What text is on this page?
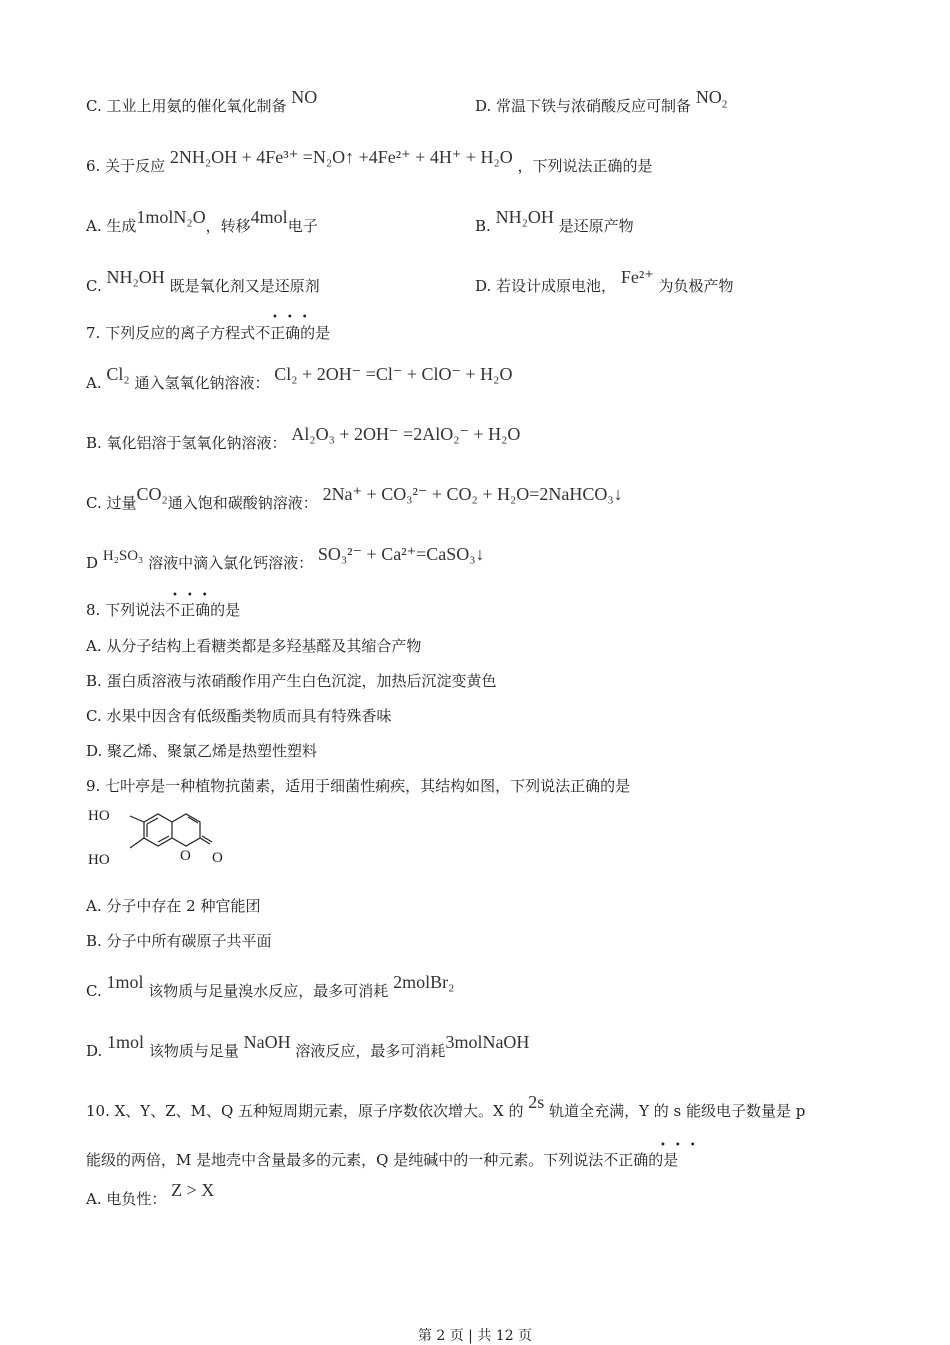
C. 工业上用氨的催化氧化制备 NO	D. 常温下铁与浓硝酸反应可制备 $NO_2$
6. 关于反应 2NH₂OH + 4Fe³⁺ =N₂O↑ +4Fe²⁺ + 4H⁺ + H₂O ，下列说法正确的是
A. 生成1molN₂O，转移4mol电子	B. NH₂OH 是还原产物
C. NH₂OH 既是氧化剂又是还原剂	D. 若设计成原电池， Fe²⁺ 为负极产物
•••
7. 下列反应的离子方程式不正确的是
A. Cl₂ 通入氢氧化钠溶液： Cl₂ + 2OH⁻ =Cl⁻ + ClO⁻ + H₂O
B. 氧化铝溶于氢氧化钠溶液： Al₂O₃ + 2OH⁻ =2AlO₂⁻ + H₂O
C. 过量CO₂通入饱和碳酸钠溶液： 2Na⁺ + CO₃²⁻ + CO₂ + H₂O=2NaHCO₃↓
D H₂SO₃ 溶液中滴入氯化钙溶液： SO₃²⁻ + Ca²⁺=CaSO₃↓
•••
8. 下列说法不正确的是
A. 从分子结构上看糖类都是多羟基醛及其缩合产物
B. 蛋白质溶液与浓硝酸作用产生白色沉淀，加热后沉淀变黄色
C. 水果中因含有低级酯类物质而具有特殊香味
D. 聚乙烯、聚氯乙烯是热塑性塑料
9. 七叶亭是一种植物抗菌素，适用于细菌性痢疾，其结构如图，下列说法正确的是
HO
HO	O O
A. 分子中存在 2 种官能团
B. 分子中所有碳原子共平面
C. 1mol 该物质与足量溴水反应，最多可消耗 2molBr₂
D. 1mol 该物质与足量 NaOH 溶液反应，最多可消耗3molNaOH
10. X、Y、Z、M、Q 五种短周期元素，原子序数依次增大。X 的 2s 轨道全充满，Y 的 s 能级电子数量是 p
•••
能级的两倍，M 是地壳中含量最多的元素，Q 是纯碱中的一种元素。下列说法不正确的是
A. 电负性： Z > X
第 2 页 | 共 12 页
